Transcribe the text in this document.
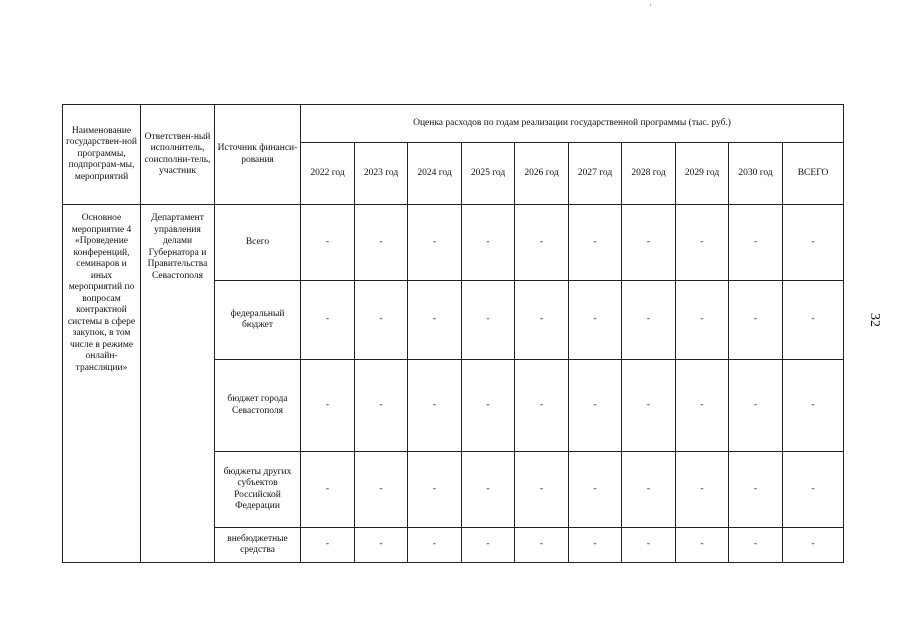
·
Наименование государствен-ной программы, подпрограм-мы, мероприятий	Ответствен-ный исполнитель, соисполни-тель, участник	Источник финанси-рования	Оценка расходов по годам реализации государственной программы (тыс. руб.)									
			2022 год	2023 год	2024 год	2025 год	2026 год	2027 год	2028 год	2029 год	2030 год	ВСЕГО
Основное мероприятие 4 «Проведение конференций, семинаров и иных мероприятий по вопросам контрактной системы в сфере закупок, в том числе в режиме онлайн-трансляции»	Департамент управления делами Губернатора и Правительства Севастополя	Всего	-	-	-	-	-	-	-	-	-	-
		федеральный бюджет	-	-	-	-	-	-	-	-	-	-
		бюджет города Севастополя	-	-	-	-	-	-	-	-	-	-
		бюджеты других субъектов Российской Федерации	-	-	-	-	-	-	-	-	-	-
		внебюджетные средства	-	-	-	-	-	-	-	-	-	-
32
